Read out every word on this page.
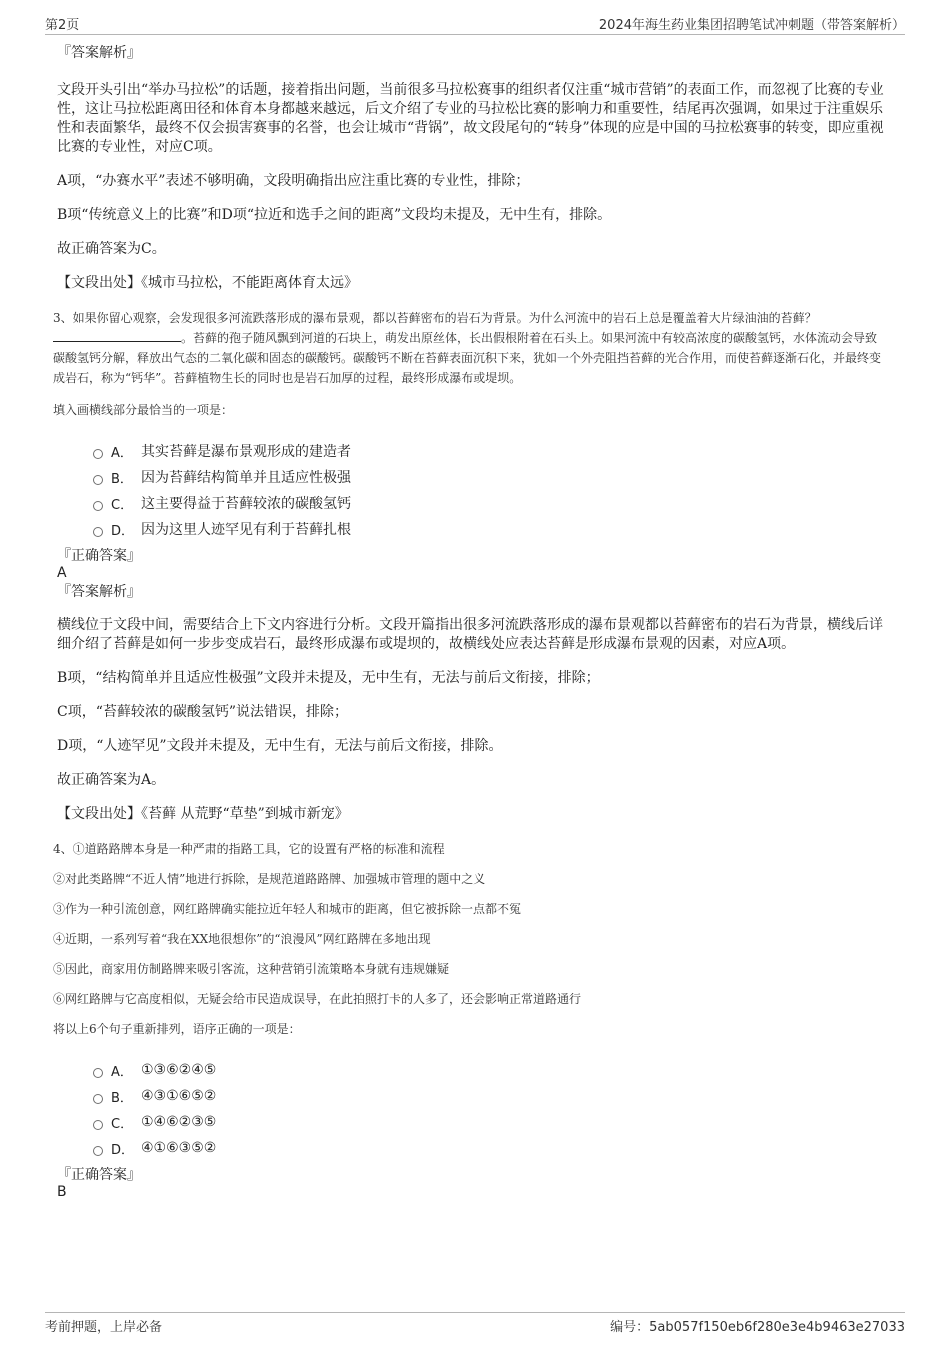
第2页	2024年海生药业集团招聘笔试冲刺题（带答案解析）
『答案解析』

文段开头引出“举办马拉松”的话题，接着指出问题，当前很多马拉松赛事的组织者仅注重“城市营销”的表面工作，而忽视了比赛的专业性，这让马拉松距离田径和体育本身都越来越远，后文介绍了专业的马拉松比赛的影响力和重要性，结尾再次强调，如果过于注重娱乐性和表面繁华，最终不仅会损害赛事的名誉，也会让城市“背锅”，故文段尾句的“转身”体现的应是中国的马拉松赛事的转变，即应重视比赛的专业性，对应C项。

A项，“办赛水平”表述不够明确，文段明确指出应注重比赛的专业性，排除；

B项“传统意义上的比赛”和D项“拉近和选手之间的距离”文段均未提及，无中生有，排除。

故正确答案为C。

【文段出处】《城市马拉松，不能距离体育太远》

3、如果你留心观察，会发现很多河流跌落形成的瀑布景观，都以苔藓密布的岩石为背景。为什么河流中的岩石上总是覆盖着大片绿油油的苔藓？。苔藓的孢子随风飘到河道的石块上，萌发出原丝体，长出假根附着在石头上。如果河流中有较高浓度的碳酸氢钙，水体流动会导致碳酸氢钙分解，释放出气态的二氧化碳和固态的碳酸钙。碳酸钙不断在苔藓表面沉积下来，犹如一个外壳阻挡苔藓的光合作用，而使苔藓逐渐石化，并最终变成岩石，称为“钙华”。苔藓植物生长的同时也是岩石加厚的过程，最终形成瀑布或堤坝。

填入画横线部分最恰当的一项是：

A． 其实苔藓是瀑布景观形成的建造者
B． 因为苔藓结构简单并且适应性极强
C． 这主要得益于苔藓较浓的碳酸氢钙
D． 因为这里人迹罕见有利于苔藓扎根
『正确答案』
A
『答案解析』

横线位于文段中间，需要结合上下文内容进行分析。文段开篇指出很多河流跌落形成的瀑布景观都以苔藓密布的岩石为背景，横线后详细介绍了苔藓是如何一步步变成岩石，最终形成瀑布或堤坝的，故横线处应表达苔藓是形成瀑布景观的因素，对应A项。

B项，“结构简单并且适应性极强”文段并未提及，无中生有，无法与前后文衔接，排除；

C项，“苔藓较浓的碳酸氢钙”说法错误，排除；

D项，“人迹罕见”文段并未提及，无中生有，无法与前后文衔接，排除。

故正确答案为A。

【文段出处】《苔藓 从荒野“草垫”到城市新宠》

4、①道路路牌本身是一种严肃的指路工具，它的设置有严格的标准和流程

②对此类路牌“不近人情”地进行拆除，是规范道路路牌、加强城市管理的题中之义

③作为一种引流创意，网红路牌确实能拉近年轻人和城市的距离，但它被拆除一点都不冤

④近期，一系列写着“我在XX地很想你”的“浪漫风”网红路牌在多地出现

⑤因此，商家用仿制路牌来吸引客流，这种营销引流策略本身就有违规嫌疑

⑥网红路牌与它高度相似，无疑会给市民造成误导，在此拍照打卡的人多了，还会影响正常道路通行

将以上6个句子重新排列，语序正确的一项是：

A． ①③⑥②④⑤
B． ④③①⑥⑤②
C． ①④⑥②③⑤
D． ④①⑥③⑤②
『正确答案』
B
考前押题，上岸必备	编号：5ab057f150eb6f280e3e4b9463e27033
